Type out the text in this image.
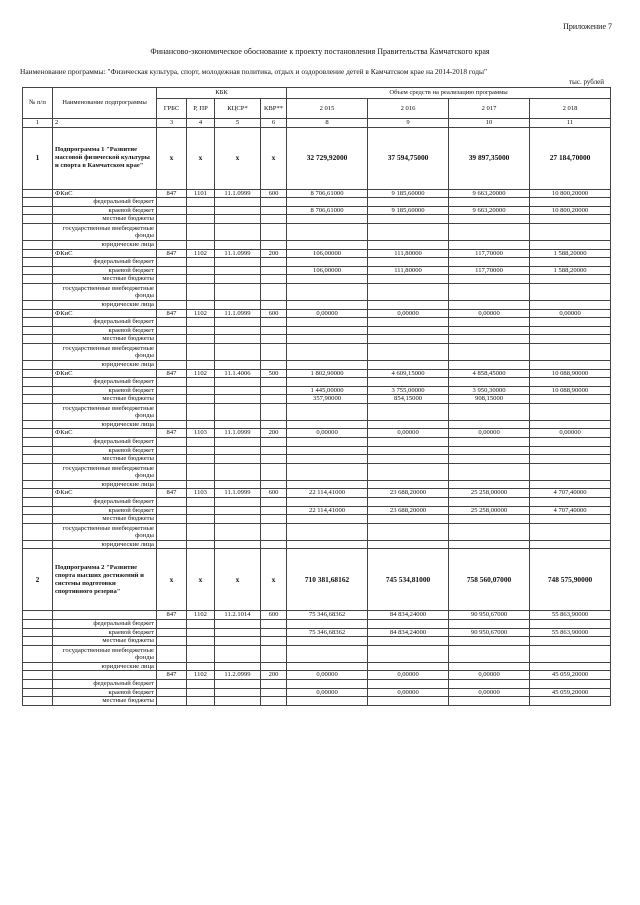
Приложение 7
Финансово-экономическое обоснование к проекту постановления Правительства Камчатского края
Наименование программы: "Физическая культура, спорт, молодежная политика, отдых и оздоровление детей в Камчатском крае на 2014-2018 годы"
тыс. рублей
№ п/п	Наименование подпрограммы	КБК				Объем средств на реализацию программы			
		ГРБС	Р, ПР	КЦСР*	КВР**	2 015	2 016	2 017	2 018
1	2	3	4	5	6	8	9	10	11
1	Подпрограмма 1 "Развитие массовой физической культуры и спорта в Камчатском крае"	x	x	x	x	32 729,92000	37 594,75000	39 897,35000	27 184,70000
	ФКиС	847	1101	11.1.0999	600	8 706,61000	9 185,60000	9 663,20000	10 800,20000
	федеральный бюджет								
	краевой бюджет					8 706,61000	9 185,60000	9 663,20000	10 800,20000
	местные бюджеты								
	государственные внебюджетные фонды								
	юридические лица								
	ФКиС	847	1102	11.1.0999	200	106,00000	111,80000	117,70000	1 588,20000
	федеральный бюджет								
	краевой бюджет					106,00000	111,80000	117,70000	1 588,20000
	местные бюджеты								
	государственные внебюджетные фонды								
	юридические лица								
	ФКиС	847	1102	11.1.0999	600	0,00000	0,00000	0,00000	0,00000
	федеральный бюджет								
	краевой бюджет								
	местные бюджеты								
	государственные внебюджетные фонды								
	юридические лица								
	ФКиС	847	1102	11.1.4006	500	1 802,90000	4 609,15000	4 858,45000	10 088,90000
	федеральный бюджет								
	краевой бюджет					1 445,00000	3 755,00000	3 950,30000	10 088,90000
	местные бюджеты					357,90000	854,15000	908,15000	
	государственные внебюджетные фонды								
	юридические лица								
	ФКиС	847	1103	11.1.0999	200	0,00000	0,00000	0,00000	0,00000
	федеральный бюджет								
	краевой бюджет								
	местные бюджеты								
	государственные внебюджетные фонды								
	юридические лица								
	ФКиС	847	1103	11.1.0999	600	22 114,41000	23 688,20000	25 258,00000	4 707,40000
	федеральный бюджет								
	краевой бюджет					22 114,41000	23 688,20000	25 258,00000	4 707,40000
	местные бюджеты								
	государственные внебюджетные фонды								
	юридические лица								
2	Подпрограмма 2 "Развитие спорта высших достижений и системы подготовки спортивного резерва"	x	x	x	x	710 381,68162	745 534,81000	758 560,07000	748 575,90000
		847	1102	11.2.1014	600	75 346,68362	84 834,24000	90 950,67000	55 863,90000
	федеральный бюджет								
	краевой бюджет					75 346,68362	84 834,24000	90 950,67000	55 863,90000
	местные бюджеты								
	государственные внебюджетные фонды								
	юридические лица								
		847	1102	11.2.0999	200	0,00000	0,00000	0,00000	45 059,20000
	федеральный бюджет								
	краевой бюджет					0,00000	0,00000	0,00000	45 059,20000
	местные бюджеты								
